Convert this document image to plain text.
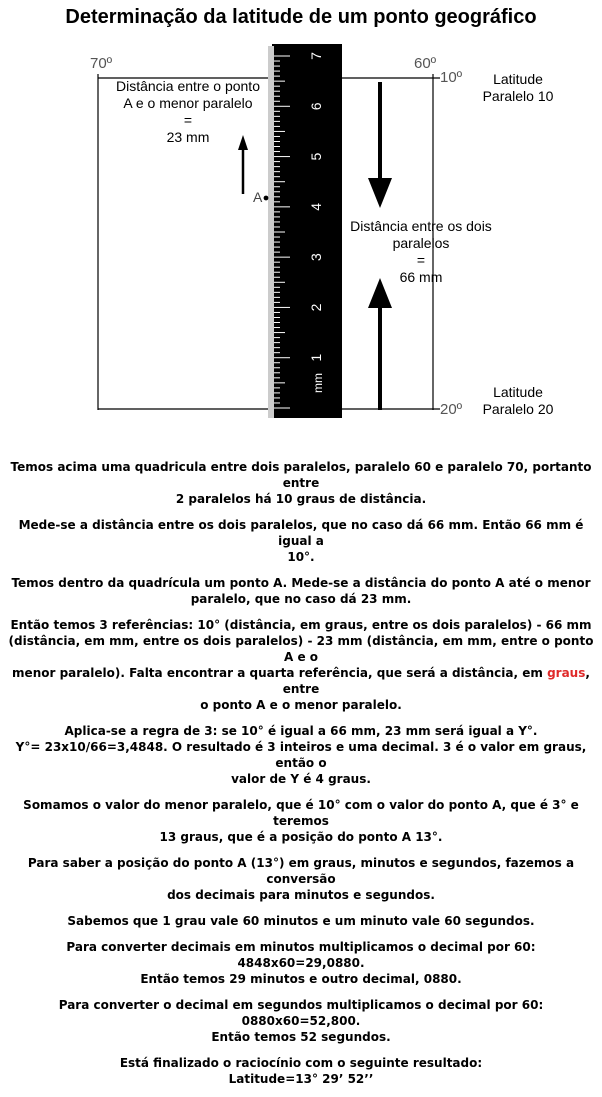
Determinação da latitude de um ponto geográfico
70º	60º
10º
20º
7
6
5
4
3
2
1
mm
A
Distância entre o ponto
A e o menor paralelo
=
23 mm
Distância entre os dois
paralelos
=
66 mm
Latitude
Paralelo 10
Latitude
Paralelo 20

Temos acima uma quadricula entre dois paralelos, paralelo 60 e paralelo 70, portanto entre
2 paralelos há 10 graus de distância.

Mede-se a distância entre os dois paralelos, que no caso dá 66 mm. Então 66 mm é igual a
10°.

Temos dentro da quadrícula um ponto A. Mede-se a distância do ponto A até o menor
paralelo, que no caso dá 23 mm.

Então temos 3 referências: 10° (distância, em graus, entre os dois paralelos) - 66 mm
(distância, em mm, entre os dois paralelos) - 23 mm (distância, em mm, entre o ponto A e o
menor paralelo). Falta encontrar a quarta referência, que será a distância, em graus, entre
o ponto A e o menor paralelo.

Aplica-se a regra de 3: se 10° é igual a 66 mm, 23 mm será igual a Y°.
Y°= 23x10/66=3,4848. O resultado é 3 inteiros e uma decimal. 3 é o valor em graus, então o
valor de Y é 4 graus.

Somamos o valor do menor paralelo, que é 10° com o valor do ponto A, que é 3° e teremos
13 graus, que é a posição do ponto A 13°.

Para saber a posição do ponto A (13°) em graus, minutos e segundos, fazemos a conversão
dos decimais para minutos e segundos.

Sabemos que 1 grau vale 60 minutos e um minuto vale 60 segundos.

Para converter decimais em minutos multiplicamos o decimal por 60: 4848x60=29,0880.
Então temos 29 minutos e outro decimal, 0880.

Para converter o decimal em segundos multiplicamos o decimal por 60: 0880x60=52,800.
Então temos 52 segundos.

Está finalizado o raciocínio com o seguinte resultado:
Latitude=13° 29’ 52’’
